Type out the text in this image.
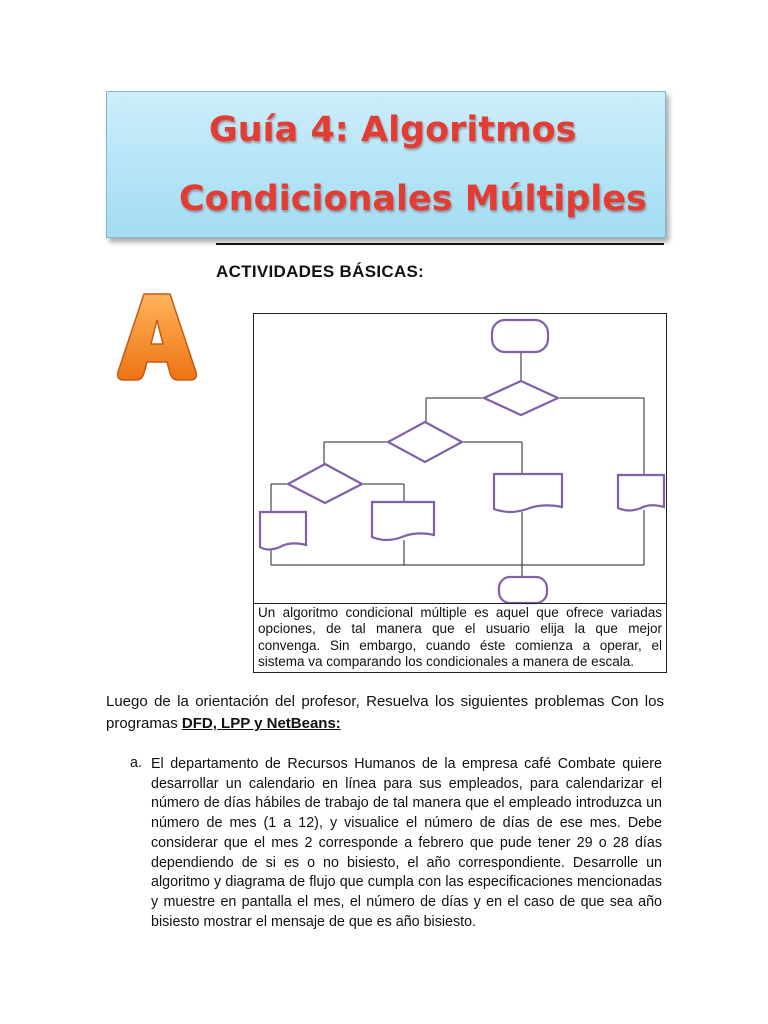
Guía 4: Algoritmos
Condicionales Múltiples
ACTIVIDADES BÁSICAS:
Un algoritmo condicional múltiple es aquel que ofrece variadas opciones, de tal manera que el usuario elija la que mejor convenga. Sin embargo, cuando éste comienza a operar, el sistema va comparando los condicionales a manera de escala.
Luego de la orientación del profesor, Resuelva los siguientes problemas Con los programas DFD, LPP y NetBeans:
a. El departamento de Recursos Humanos de la empresa café Combate quiere desarrollar un calendario en línea para sus empleados, para calendarizar el número de días hábiles de trabajo de tal manera que el empleado introduzca un número de mes (1 a 12), y visualice el número de días de ese mes. Debe considerar que el mes 2 corresponde a febrero que pude tener 29 o 28 días dependiendo de si es o no bisiesto, el año correspondiente. Desarrolle un algoritmo y diagrama de flujo que cumpla con las especificaciones mencionadas y muestre en pantalla el mes, el número de días y en el caso de que sea año bisiesto mostrar el mensaje de que es año bisiesto.
